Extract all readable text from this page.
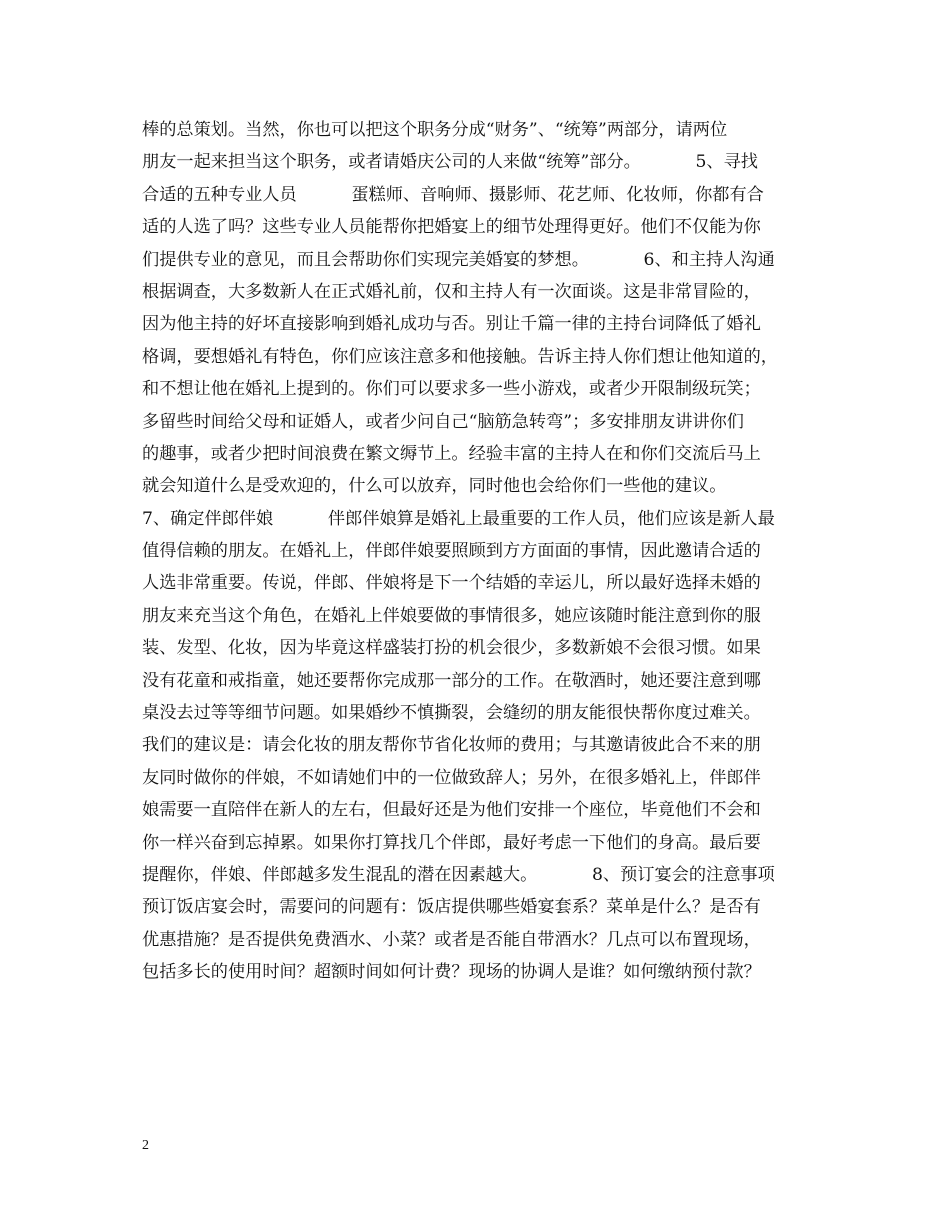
棒的总策划。当然，你也可以把这个职务分成“财务”、“统筹”两部分，请两位
朋友一起来担当这个职务，或者请婚庆公司的人来做“统筹”部分。          5、寻找
合适的五种专业人员          蛋糕师、音响师、摄影师、花艺师、化妆师，你都有合
适的人选了吗？这些专业人员能帮你把婚宴上的细节处理得更好。他们不仅能为你
们提供专业的意见，而且会帮助你们实现完美婚宴的梦想。          6、和主持人沟通
根据调查，大多数新人在正式婚礼前，仅和主持人有一次面谈。这是非常冒险的，
因为他主持的好坏直接影响到婚礼成功与否。别让千篇一律的主持台词降低了婚礼
格调，要想婚礼有特色，你们应该注意多和他接触。告诉主持人你们想让他知道的，
和不想让他在婚礼上提到的。你们可以要求多一些小游戏，或者少开限制级玩笑；
多留些时间给父母和证婚人，或者少问自己“脑筋急转弯”；多安排朋友讲讲你们
的趣事，或者少把时间浪费在繁文缛节上。经验丰富的主持人在和你们交流后马上
就会知道什么是受欢迎的，什么可以放弃，同时他也会给你们一些他的建议。
7、确定伴郎伴娘          伴郎伴娘算是婚礼上最重要的工作人员，他们应该是新人最
值得信赖的朋友。在婚礼上，伴郎伴娘要照顾到方方面面的事情，因此邀请合适的
人选非常重要。传说，伴郎、伴娘将是下一个结婚的幸运儿，所以最好选择未婚的
朋友来充当这个角色，在婚礼上伴娘要做的事情很多，她应该随时能注意到你的服
装、发型、化妆，因为毕竟这样盛装打扮的机会很少，多数新娘不会很习惯。如果
没有花童和戒指童，她还要帮你完成那一部分的工作。在敬酒时，她还要注意到哪
桌没去过等等细节问题。如果婚纱不慎撕裂，会缝纫的朋友能很快帮你度过难关。
我们的建议是：请会化妆的朋友帮你节省化妆师的费用；与其邀请彼此合不来的朋
友同时做你的伴娘，不如请她们中的一位做致辞人；另外，在很多婚礼上，伴郎伴
娘需要一直陪伴在新人的左右，但最好还是为他们安排一个座位，毕竟他们不会和
你一样兴奋到忘掉累。如果你打算找几个伴郎，最好考虑一下他们的身高。最后要
提醒你，伴娘、伴郎越多发生混乱的潜在因素越大。          8、预订宴会的注意事项
预订饭店宴会时，需要问的问题有：饭店提供哪些婚宴套系？菜单是什么？是否有
优惠措施？是否提供免费酒水、小菜？或者是否能自带酒水？几点可以布置现场，
包括多长的使用时间？超额时间如何计费？现场的协调人是谁？如何缴纳预付款？
2
